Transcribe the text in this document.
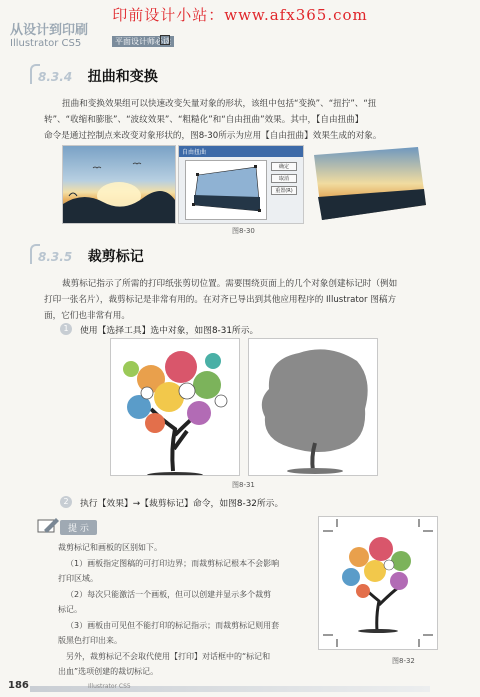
印前设计小站：www.afx365.com
从设计到印刷
Illustrator CS5	平面设计师必读
8.3.4 扭曲和变换
扭曲和变换效果组可以快速改变矢量对象的形状，该组中包括“变换”、“扭拧”、“扭
转”、“收缩和膨胀”、“波纹效果”、“粗糙化”和“自由扭曲”效果。其中，【自由扭曲】
命令是通过控制点来改变对象形状的，图8-30所示为应用【自由扭曲】效果生成的对象。
自由扭曲
确定
取消
重置(R)
图8-30
8.3.5 裁剪标记
裁剪标记指示了所需的打印纸张剪切位置。需要围绕页面上的几个对象创建标记时（例如
打印一张名片），裁剪标记是非常有用的。在对齐已导出到其他应用程序的 Illustrator 图稿方
面，它们也非常有用。
1	使用【选择工具】选中对象，如图8-31所示。
图8-31
2	执行【效果】→【裁剪标记】命令，如图8-32所示。
提 示
裁剪标记和画板的区别如下。
（1）画板指定图稿的可打印边界；而裁剪标记根本不会影响
打印区域。
（2）每次只能激活一个画板，但可以创建并显示多个裁剪
标记。
（3）画板由可见但不能打印的标记指示；而裁剪标记则用套
版黑色打印出来。
另外，裁剪标记不会取代使用【打印】对话框中的“标记和
出血”选项创建的裁切标记。
图8-32
186	Illustrator CS5
